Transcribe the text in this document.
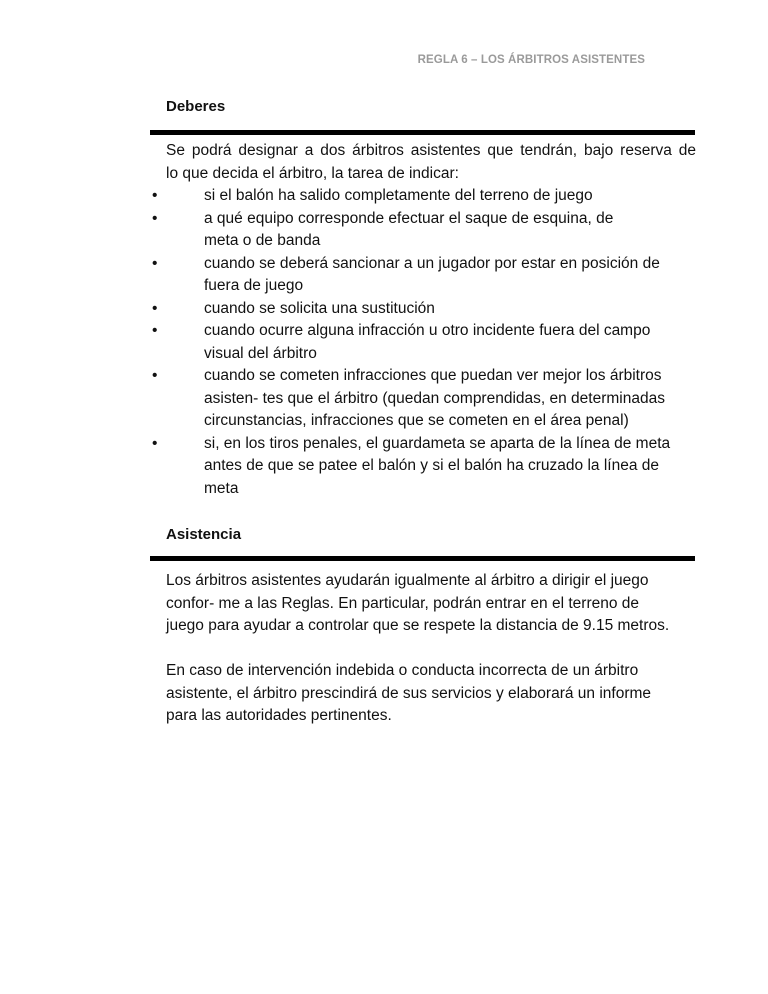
REGLA 6 – LOS ÁRBITROS ASISTENTES
Deberes
Se podrá designar a dos árbitros asistentes que tendrán, bajo reserva de
lo que decida el árbitro, la tarea de indicar:
•	si el balón ha salido completamente del terreno de juego
•	a qué equipo corresponde efectuar el saque de esquina, de
meta o de banda
•	cuando se deberá sancionar a un jugador por estar en posición de
fuera de juego
•	cuando se solicita una sustitución
•	cuando ocurre alguna infracción u otro incidente fuera del campo
visual del árbitro
•	cuando se cometen infracciones que puedan ver mejor los árbitros
asisten- tes que el árbitro (quedan comprendidas, en determinadas
circunstancias, infracciones que se cometen en el área penal)
•	si, en los tiros penales, el guardameta se aparta de la línea de meta
antes de que se patee el balón y si el balón ha cruzado la línea de
meta
Asistencia
Los árbitros asistentes ayudarán igualmente al árbitro a dirigir el juego
confor- me a las Reglas. En particular, podrán entrar en el terreno de
juego para ayudar a controlar que se respete la distancia de 9.15 metros.
En caso de intervención indebida o conducta incorrecta de un árbitro
asistente, el árbitro prescindirá de sus servicios y elaborará un informe
para las autoridades pertinentes.
